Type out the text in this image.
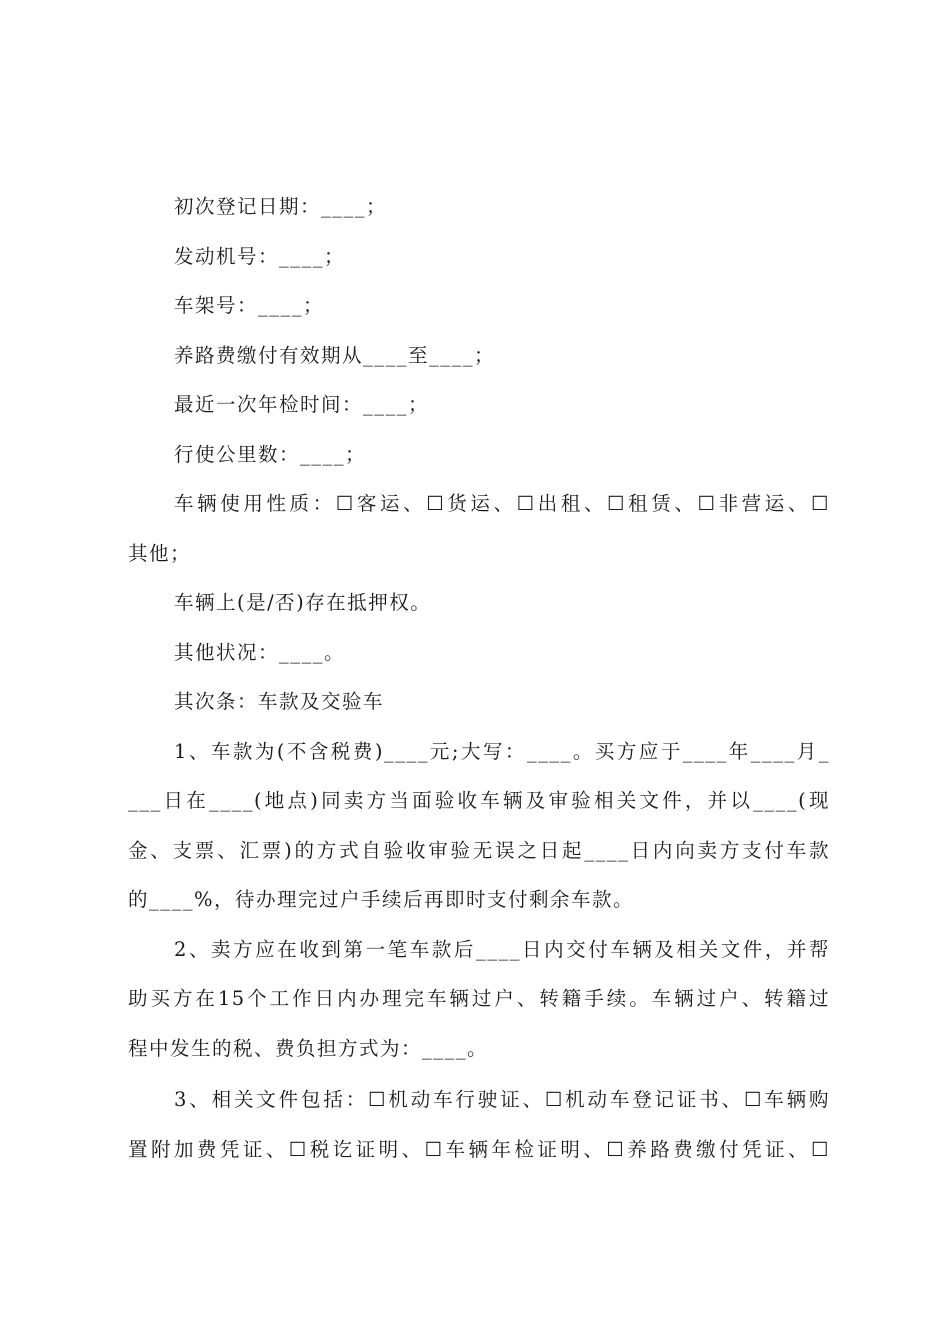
初次登记日期：____；
发动机号：____；
车架号：____；
养路费缴付有效期从____至____；
最近一次年检时间：____；
行使公里数：____；
车辆使用性质：☐客运、☐货运、☐出租、☐租赁、☐非营运、☐
其他；
车辆上(是/否)存在抵押权。
其他状况：____。
其次条：车款及交验车
1、车款为(不含税费)____元;大写：____。买方应于____年____月_
___日在____(地点)同卖方当面验收车辆及审验相关文件，并以____(现
金、支票、汇票)的方式自验收审验无误之日起____日内向卖方支付车款
的____%，待办理完过户手续后再即时支付剩余车款。
2、卖方应在收到第一笔车款后____日内交付车辆及相关文件，并帮
助买方在15个工作日内办理完车辆过户、转籍手续。车辆过户、转籍过
程中发生的税、费负担方式为：____。
3、相关文件包括：☐机动车行驶证、☐机动车登记证书、☐车辆购
置附加费凭证、☐税讫证明、☐车辆年检证明、☐养路费缴付凭证、☐
